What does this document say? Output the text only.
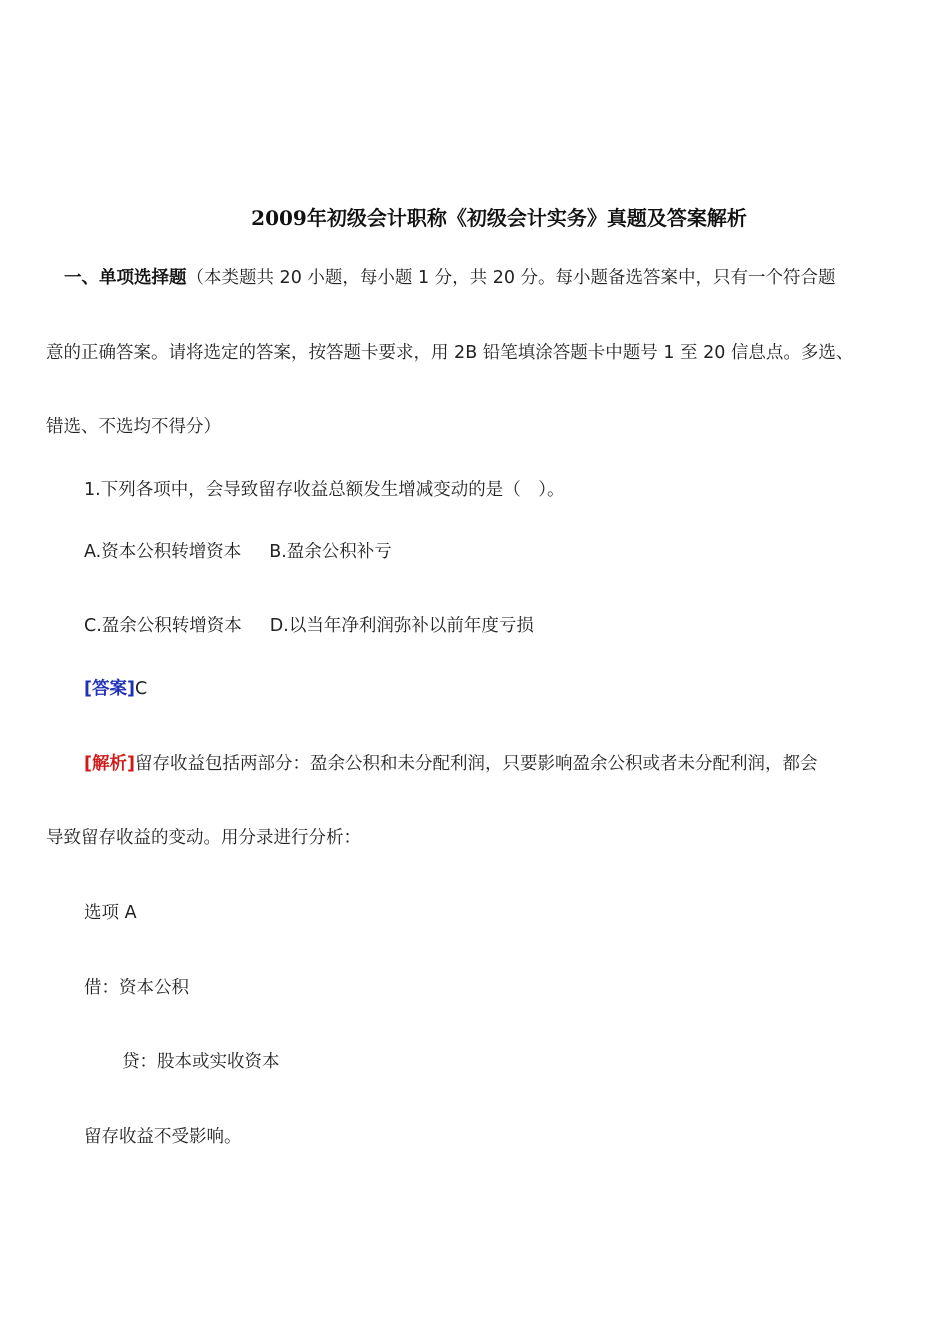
2009年初级会计职称《初级会计实务》真题及答案解析
一、单项选择题（本类题共 20 小题，每小题 1 分，共 20 分。每小题备选答案中，只有一个符合题
意的正确答案。请将选定的答案，按答题卡要求，用 2B 铅笔填涂答题卡中题号 1 至 20 信息点。多选、
错选、不选均不得分）
1.下列各项中，会导致留存收益总额发生增减变动的是（　）。
A.资本公积转增资本 B.盈余公积补亏
C.盈余公积转增资本 D.以当年净利润弥补以前年度亏损
[答案]C
[解析]留存收益包括两部分：盈余公积和未分配利润，只要影响盈余公积或者未分配利润，都会
导致留存收益的变动。用分录进行分析：
选项 A
借：资本公积
贷：股本或实收资本
留存收益不受影响。
